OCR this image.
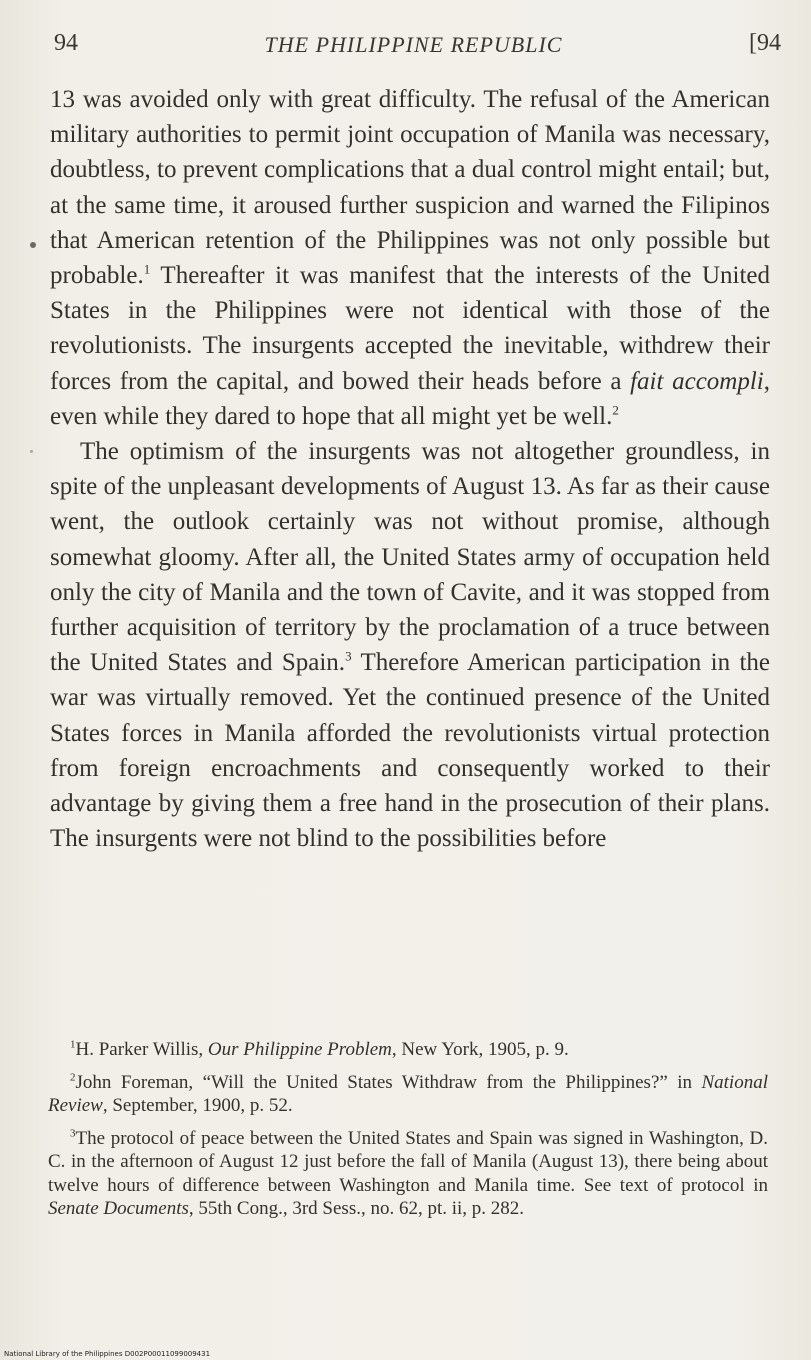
94	THE PHILIPPINE REPUBLIC	[94

13 was avoided only with great difficulty. The refusal of the American military authorities to permit joint occupation of Manila was necessary, doubtless, to prevent complications that a dual control might entail; but, at the same time, it aroused further suspicion and warned the Filipinos that American retention of the Philippines was not only possible but probable.$^1$ Thereafter it was manifest that the interests of the United States in the Philippines were not identical with those of the revolutionists. The insurgents accepted the inevitable, withdrew their forces from the capital, and bowed their heads before a fait accompli, even while they dared to hope that all might yet be well.$^2$

The optimism of the insurgents was not altogether groundless, in spite of the unpleasant developments of August 13. As far as their cause went, the outlook certainly was not without promise, although somewhat gloomy. After all, the United States army of occupation held only the city of Manila and the town of Cavite, and it was stopped from further acquisition of territory by the proclamation of a truce between the United States and Spain.$^3$ Therefore American participation in the war was virtually removed. Yet the continued presence of the United States forces in Manila afforded the revolutionists virtual protection from foreign encroachments and consequently worked to their advantage by giving them a free hand in the prosecution of their plans. The insurgents were not blind to the possibilities before

$^1$H. Parker Willis, Our Philippine Problem, New York, 1905, p. 9.

$^2$John Foreman, “Will the United States Withdraw from the Philippines?” in National Review, September, 1900, p. 52.

$^3$The protocol of peace between the United States and Spain was signed in Washington, D. C. in the afternoon of August 12 just before the fall of Manila (August 13), there being about twelve hours of difference between Washington and Manila time. See text of protocol in Senate Documents, 55th Cong., 3rd Sess., no. 62, pt. ii, p. 282.

National Library of the Philippines D002P00011099009431
